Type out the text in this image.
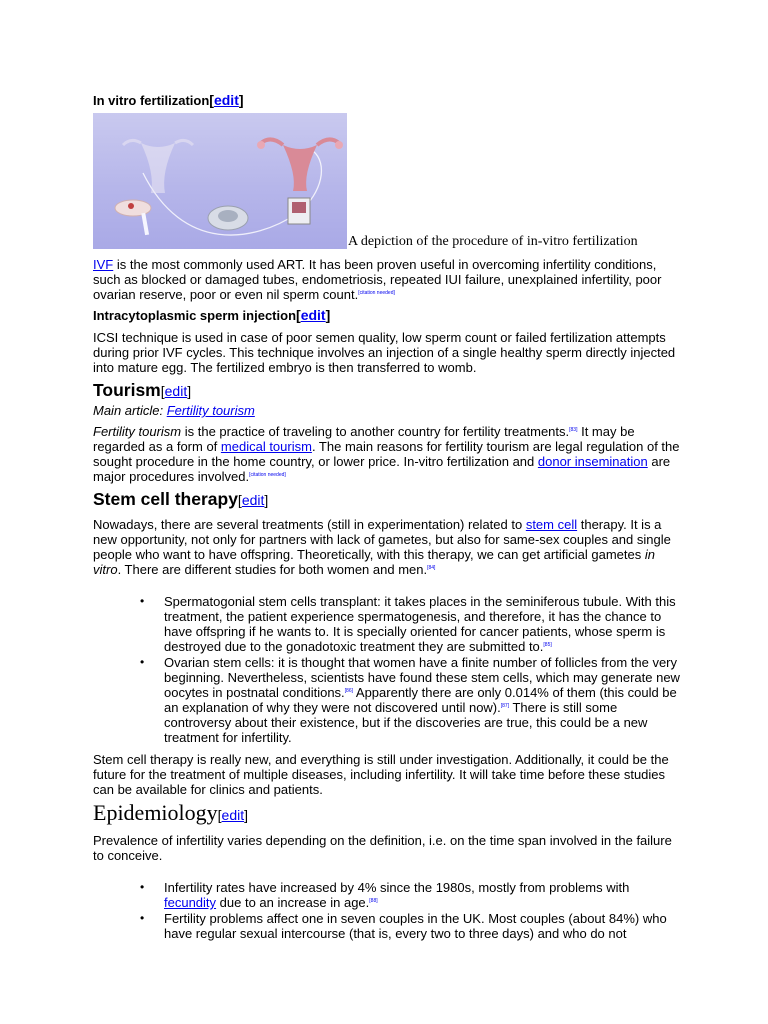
In vitro fertilization[edit]
A depiction of the procedure of in-vitro fertilization

IVF is the most commonly used ART. It has been proven useful in overcoming infertility conditions, such as blocked or damaged tubes, endometriosis, repeated IUI failure, unexplained infertility, poor ovarian reserve, poor or even nil sperm count.[citation needed]

Intracytoplasmic sperm injection[edit]

ICSI technique is used in case of poor semen quality, low sperm count or failed fertilization attempts during prior IVF cycles. This technique involves an injection of a single healthy sperm directly injected into mature egg. The fertilized embryo is then transferred to womb.

Tourism[edit]

Main article: Fertility tourism

Fertility tourism is the practice of traveling to another country for fertility treatments.[83] It may be regarded as a form of medical tourism. The main reasons for fertility tourism are legal regulation of the sought procedure in the home country, or lower price. In-vitro fertilization and donor insemination are major procedures involved.[citation needed]

Stem cell therapy[edit]

Nowadays, there are several treatments (still in experimentation) related to stem cell therapy. It is a new opportunity, not only for partners with lack of gametes, but also for same-sex couples and single people who want to have offspring. Theoretically, with this therapy, we can get artificial gametes in vitro. There are different studies for both women and men.[84]

• Spermatogonial stem cells transplant: it takes places in the seminiferous tubule. With this treatment, the patient experience spermatogenesis, and therefore, it has the chance to have offspring if he wants to. It is specially oriented for cancer patients, whose sperm is destroyed due to the gonadotoxic treatment they are submitted to.[85]
• Ovarian stem cells: it is thought that women have a finite number of follicles from the very beginning. Nevertheless, scientists have found these stem cells, which may generate new oocytes in postnatal conditions.[86] Apparently there are only 0.014% of them (this could be an explanation of why they were not discovered until now).[87] There is still some controversy about their existence, but if the discoveries are true, this could be a new treatment for infertility.

Stem cell therapy is really new, and everything is still under investigation. Additionally, it could be the future for the treatment of multiple diseases, including infertility. It will take time before these studies can be available for clinics and patients.

Epidemiology[edit]

Prevalence of infertility varies depending on the definition, i.e. on the time span involved in the failure to conceive.

• Infertility rates have increased by 4% since the 1980s, mostly from problems with fecundity due to an increase in age.[88]
• Fertility problems affect one in seven couples in the UK. Most couples (about 84%) who have regular sexual intercourse (that is, every two to three days) and who do not
